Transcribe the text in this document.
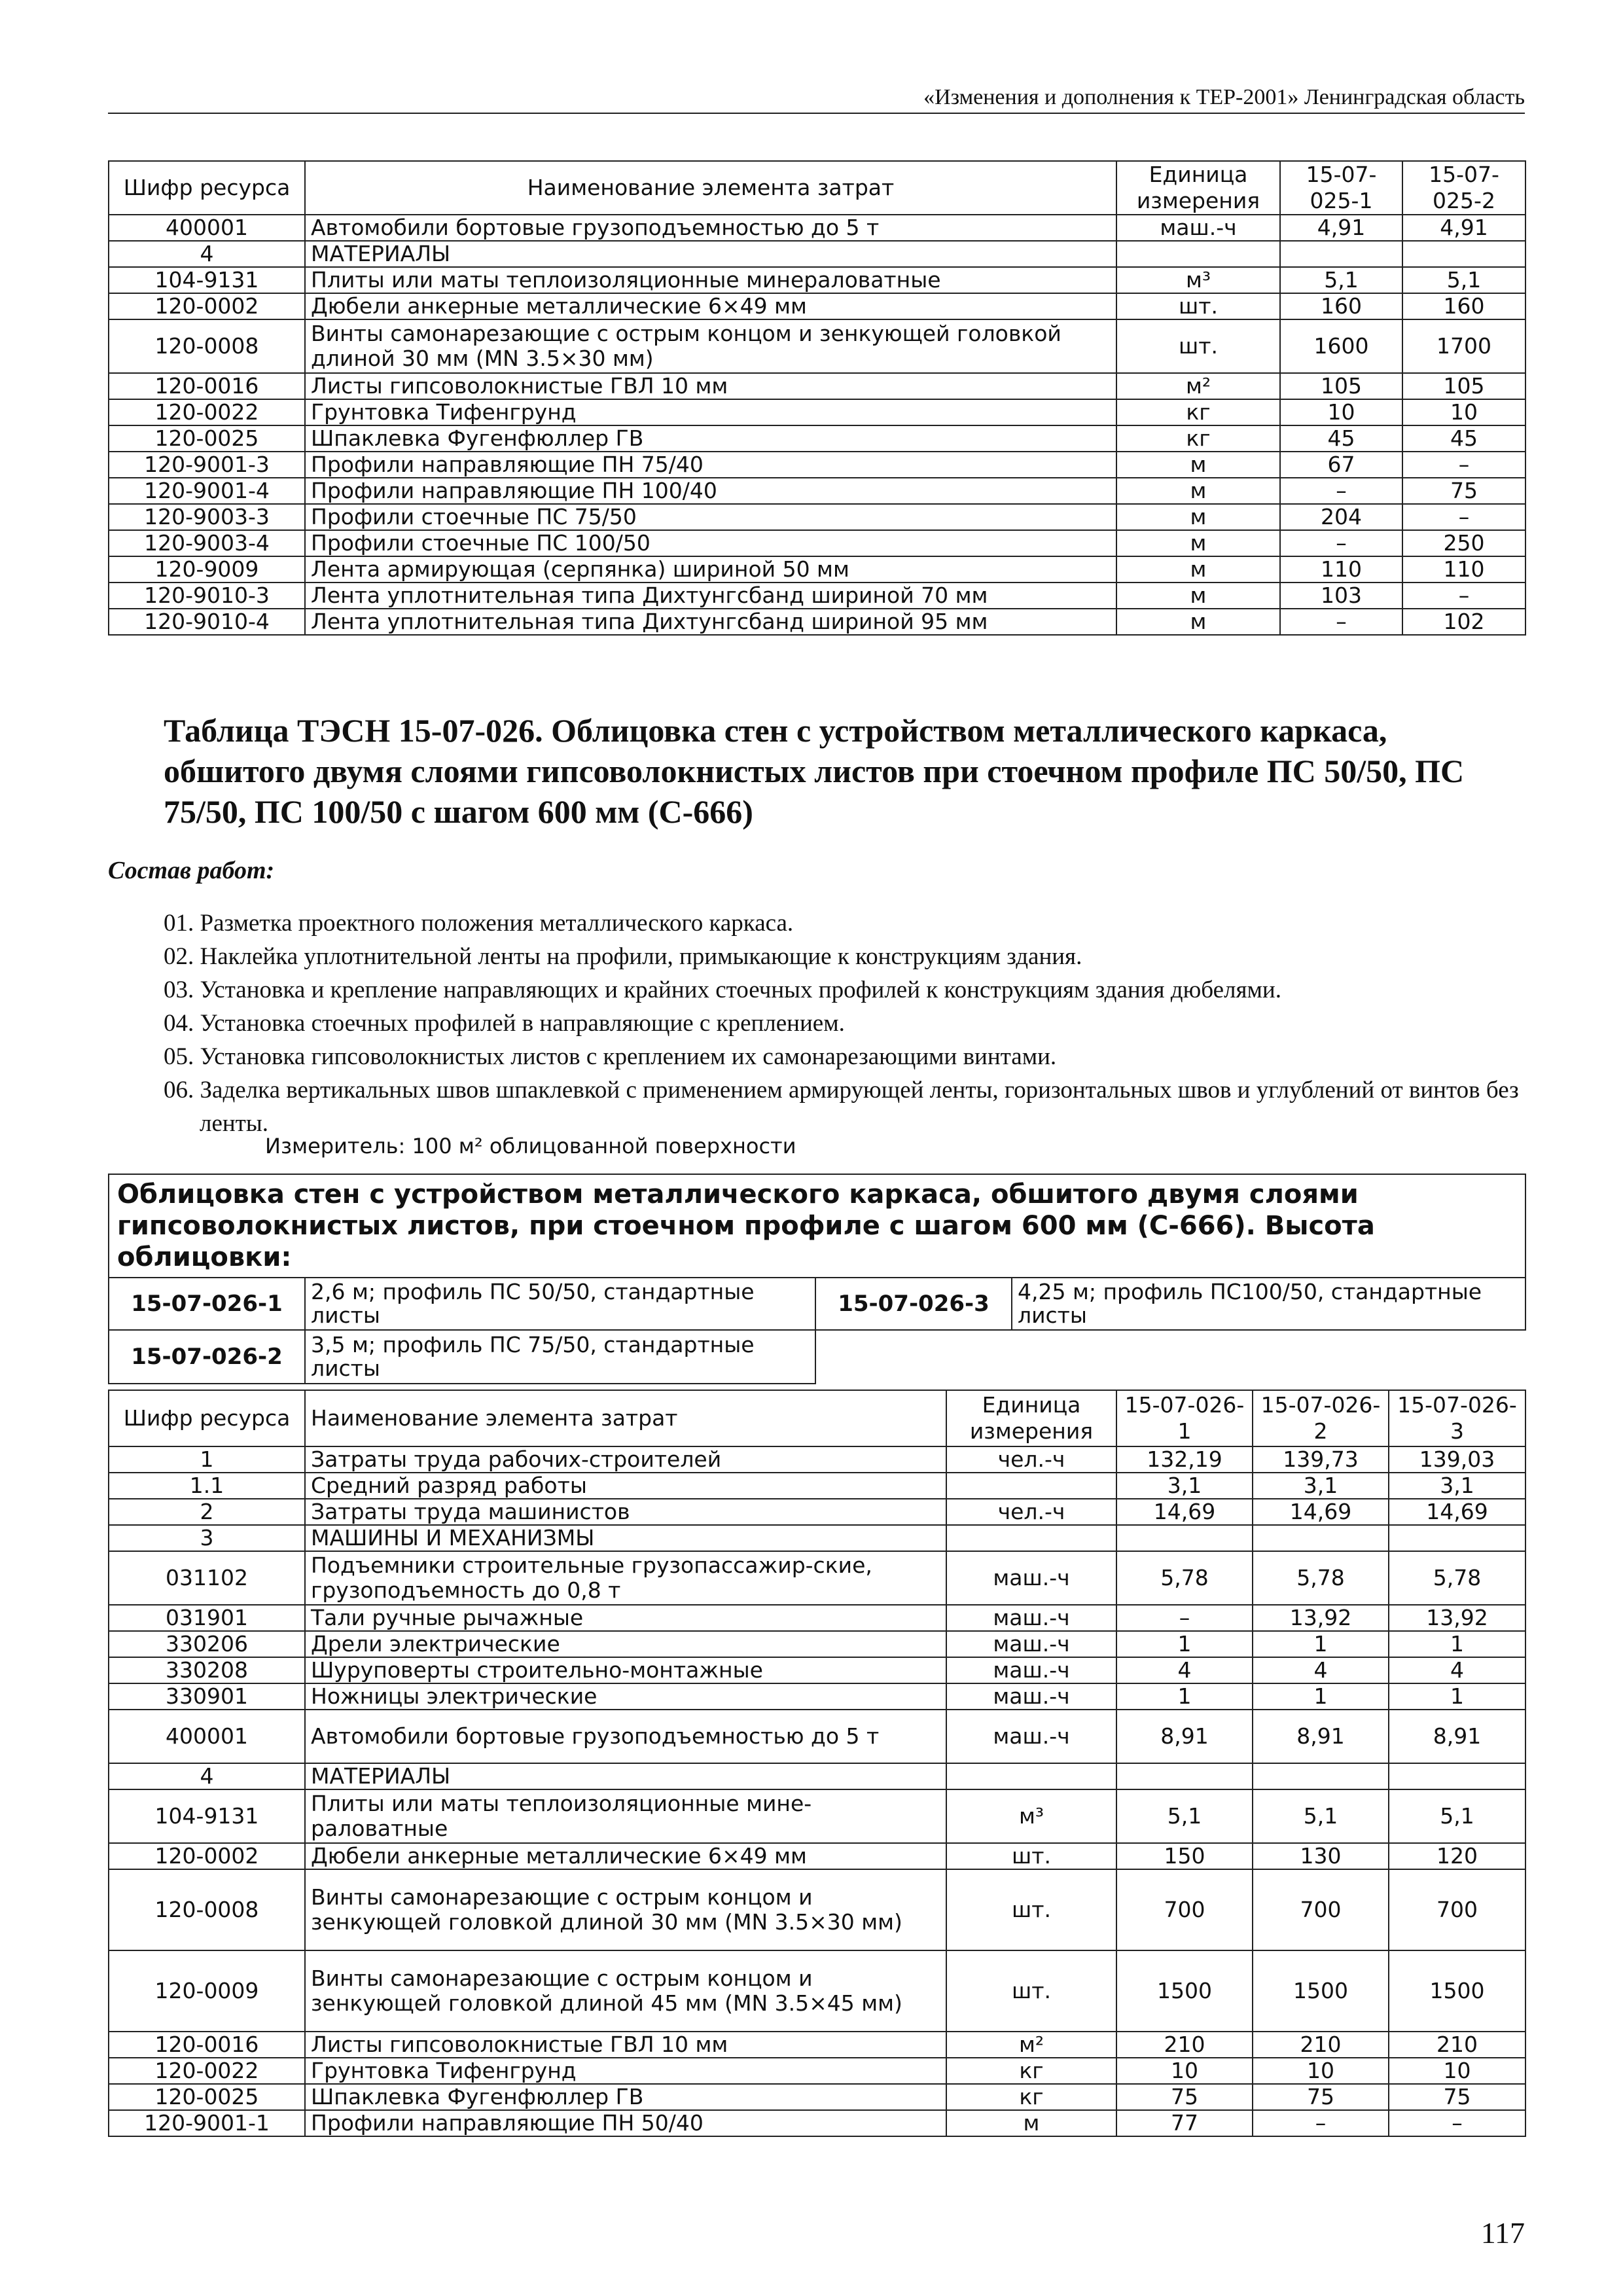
«Изменения и дополнения к ТЕР-2001» Ленинградская область
Шифр ресурса	Наименование элемента затрат	Единица измерения	15-07-025-1	15-07-025-2
400001	Автомобили бортовые грузоподъемностью до 5 т	маш.-ч	4,91	4,91
4	МАТЕРИАЛЫ			
104-9131	Плиты или маты теплоизоляционные минераловатные	м³	5,1	5,1
120-0002	Дюбели анкерные металлические 6×49 мм	шт.	160	160
120-0008	Винты самонарезающие с острым концом и зенкующей головкой длиной 30 мм (MN 3.5×30 мм)	шт.	1600	1700
120-0016	Листы гипсоволокнистые ГВЛ 10 мм	м²	105	105
120-0022	Грунтовка Тифенгрунд	кг	10	10
120-0025	Шпаклевка Фугенфюллер ГВ	кг	45	45
120-9001-3	Профили направляющие ПН 75/40	м	67	–
120-9001-4	Профили направляющие ПН 100/40	м	–	75
120-9003-3	Профили стоечные ПС 75/50	м	204	–
120-9003-4	Профили стоечные ПС 100/50	м	–	250
120-9009	Лента армирующая (серпянка) шириной 50 мм	м	110	110
120-9010-3	Лента уплотнительная типа Дихтунгсбанд шириной 70 мм	м	103	–
120-9010-4	Лента уплотнительная типа Дихтунгсбанд шириной 95 мм	м	–	102
Таблица ТЭСН 15-07-026. Облицовка стен с устройством металлического каркаса, обшитого двумя слоями гипсоволокнистых листов при стоечном профиле ПС 50/50, ПС 75/50, ПС 100/50 с шагом 600 мм (С-666)
Состав работ:
01. Разметка проектного положения металлического каркаса.
02. Наклейка уплотнительной ленты на профили, примыкающие к конструкциям здания.
03. Установка и крепление направляющих и крайних стоечных профилей к конструкциям здания дюбелями.
04. Установка стоечных профилей в направляющие с креплением.
05. Установка гипсоволокнистых листов с креплением их самонарезающими винтами.
06. Заделка вертикальных швов шпаклевкой с применением армирующей ленты, горизонтальных швов и углублений от винтов без ленты.
Измеритель: 100 м² облицованной поверхности
Облицовка стен с устройством металлического каркаса, обшитого двумя слоями гипсоволокнистых листов, при стоечном профиле с шагом 600 мм (С-666). Высота облицовки:			
15-07-026-1	2,6 м; профиль ПС 50/50, стандартные листы	15-07-026-3	4,25 м; профиль ПС100/50, стандартные листы
15-07-026-2	3,5 м; профиль ПС 75/50, стандартные листы		
Шифр ресурса	Наименование элемента затрат	Единица измерения	15-07-026-1	15-07-026-2	15-07-026-3
1	Затраты труда рабочих-строителей	чел.-ч	132,19	139,73	139,03
1.1	Средний разряд работы		3,1	3,1	3,1
2	Затраты труда машинистов	чел.-ч	14,69	14,69	14,69
3	МАШИНЫ И МЕХАНИЗМЫ				
031102	Подъемники строительные грузопассажир-ские, грузоподъемность до 0,8 т	маш.-ч	5,78	5,78	5,78
031901	Тали ручные рычажные	маш.-ч	–	13,92	13,92
330206	Дрели электрические	маш.-ч	1	1	1
330208	Шуруповерты строительно-монтажные	маш.-ч	4	4	4
330901	Ножницы электрические	маш.-ч	1	1	1
400001	Автомобили бортовые грузоподъемностью до 5 т	маш.-ч	8,91	8,91	8,91
4	МАТЕРИАЛЫ				
104-9131	Плиты или маты теплоизоляционные мине-раловатные	м³	5,1	5,1	5,1
120-0002	Дюбели анкерные металлические 6×49 мм	шт.	150	130	120
120-0008	Винты самонарезающие с острым концом и зенкующей головкой длиной 30 мм (MN 3.5×30 мм)	шт.	700	700	700
120-0009	Винты самонарезающие с острым концом и зенкующей головкой длиной 45 мм (MN 3.5×45 мм)	шт.	1500	1500	1500
120-0016	Листы гипсоволокнистые ГВЛ 10 мм	м²	210	210	210
120-0022	Грунтовка Тифенгрунд	кг	10	10	10
120-0025	Шпаклевка Фугенфюллер ГВ	кг	75	75	75
120-9001-1	Профили направляющие ПН 50/40	м	77	–	–
117
